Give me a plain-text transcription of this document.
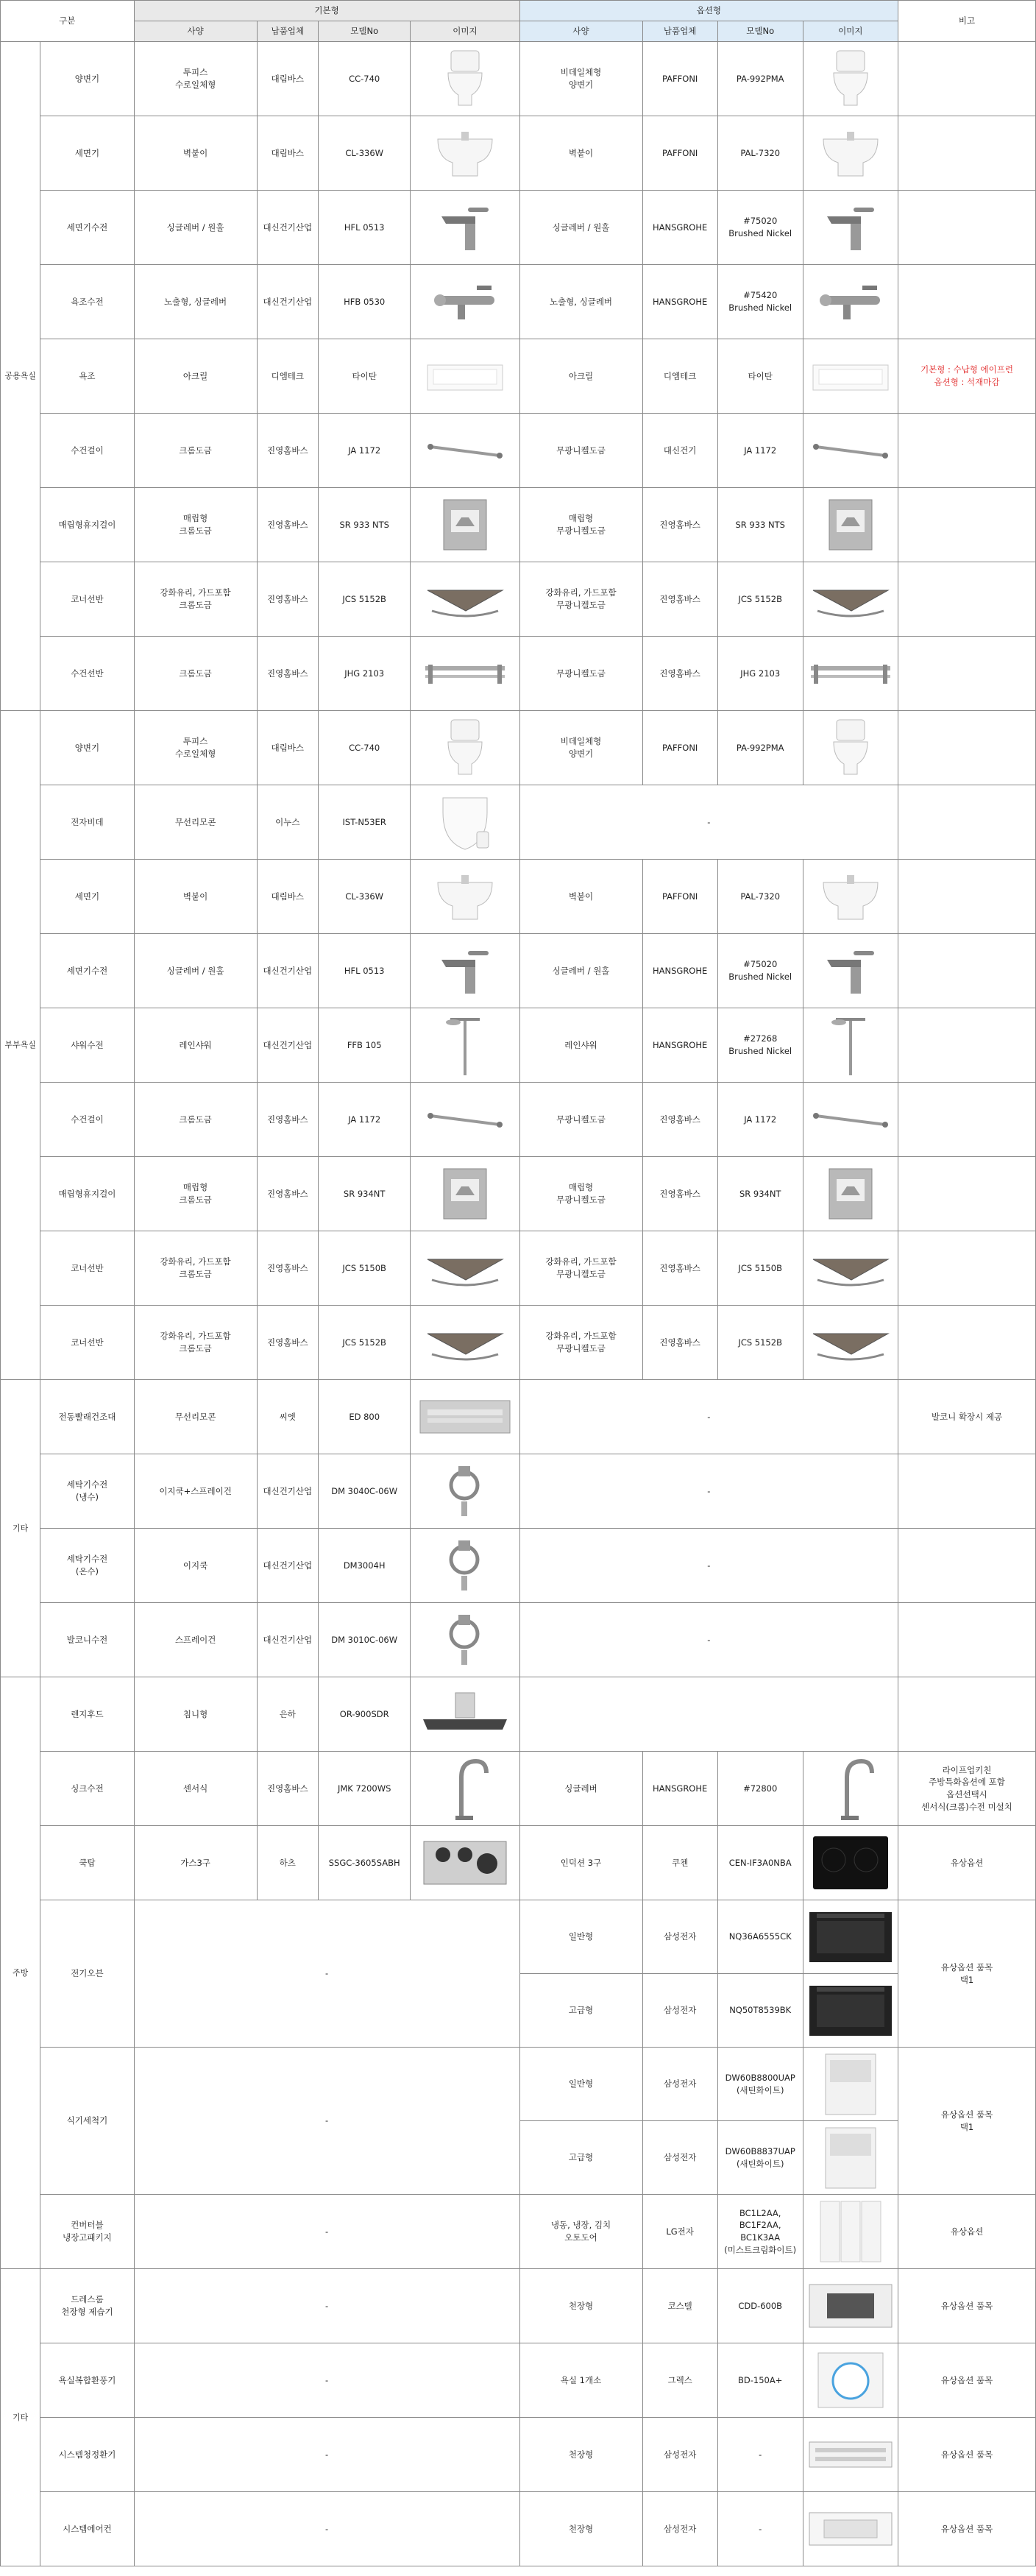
구분		기본형				옵션형				비고
		사양	납품업체	모델No	이미지	사양	납품업체	모델No	이미지	
공용욕실	양변기	투피스
수로일체형	대림바스	CC-740		비데일체형
양변기	PAFFONI	PA-992PMA	

	세면기	벽붙이	대림바스	CL-336W		벽붙이	PAFFONI	PAL-7320	

	세면기수전	싱글레버 / 원홀	대신건기산업	HFL 0513		싱글레버 / 원홀	HANSGROHE	#75020
Brushed Nickel	

	욕조수전	노출형, 싱글레버	대신건기산업	HFB 0530		노출형, 싱글레버	HANSGROHE	#75420
Brushed Nickel	

	욕조	아크릴	디엠테크	타이탄		아크릴	디엠테크	타이탄		기본형 : 수납형 에이프런
옵션형 : 석재마감
	수건걸이	크롬도금	진영홈바스	JA 1172		무광니켈도금	대신건기	JA 1172	

	매립형휴지걸이	매립형
크롬도금	진영홈바스	SR 933 NTS		매립형
무광니켈도금	진영홈바스	SR 933 NTS	

	코너선반	강화유리, 가드포함
크롬도금	진영홈바스	JCS 5152B		강화유리, 가드포함
무광니켈도금	진영홈바스	JCS 5152B	

	수건선반	크롬도금	진영홈바스	JHG 2103		무광니켈도금	진영홈바스	JHG 2103	

부부욕실	양변기	투피스
수로일체형	대림바스	CC-740		비데일체형
양변기	PAFFONI	PA-992PMA	

	전자비데	무선리모콘	이누스	IST-N53ER		-				
	세면기	벽붙이	대림바스	CL-336W		벽붙이	PAFFONI	PAL-7320	

	세면기수전	싱글레버 / 원홀	대신건기산업	HFL 0513		싱글레버 / 원홀	HANSGROHE	#75020
Brushed Nickel	

	샤워수전	레인샤워	대신건기산업	FFB 105		레인샤워	HANSGROHE	#27268
Brushed Nickel	

	수건걸이	크롬도금	진영홈바스	JA 1172		무광니켈도금	진영홈바스	JA 1172	

	매립형휴지걸이	매립형
크롬도금	진영홈바스	SR 934NT		매립형
무광니켈도금	진영홈바스	SR 934NT	

	코너선반	강화유리, 가드포함
크롬도금	진영홈바스	JCS 5150B		강화유리, 가드포함
무광니켈도금	진영홈바스	JCS 5150B	

	코너선반	강화유리, 가드포함
크롬도금	진영홈바스	JCS 5152B		강화유리, 가드포함
무광니켈도금	진영홈바스	JCS 5152B	

기타	전동빨래건조대	무선리모콘	씨엣	ED 800		-				발코니 확장시 제공
	세탁기수전
(냉수)	이지쿡+스프레이건	대신건기산업	DM 3040C-06W		-				
	세탁기수전
(온수)	이지쿡	대신건기산업	DM3004H		-				
	발코니수전	스프레이건	대신건기산업	DM 3010C-06W		-				
주방	렌지후드	침니형	은하	OR-900SDR	

	싱크수전	센서식	진영홈바스	JMK 7200WS		싱글레버	HANSGROHE	#72800		라이프업키친
주방특화옵션에 포함
옵션선택시
센서식(크롬)수전 미설치
	쿡탑	가스3구	하츠	SSGC-3605SABH		인덕션 3구	쿠첸	CEN-IF3A0NBA		유상옵션
	전기오븐	-				일반형	삼성전자	NQ36A6555CK		유상옵션 품목
택1
						고급형	삼성전자	NQ50T8539BK	

	식기세척기	-				일반형	삼성전자	DW60B8800UAP
(새틴화이트)		유상옵션 품목
택1
						고급형	삼성전자	DW60B8837UAP
(새틴화이트)	

	컨버터블
냉장고패키지	-				냉동, 냉장, 김치
오토도어	LG전자	BC1L2AA,
BC1F2AA,
BC1K3AA
(미스트크림화이트)		유상옵션
기타	드레스룸
천장형 제습기	-				천장형	코스텔	CDD-600B		유상옵션 품목
	욕실복합환풍기	-				욕실 1개소	그렉스	BD-150A+		유상옵션 품목
	시스템청정환기	-				천장형	삼성전자	-		유상옵션 품목
	시스템에어컨	-				천장형	삼성전자	-		유상옵션 품목
